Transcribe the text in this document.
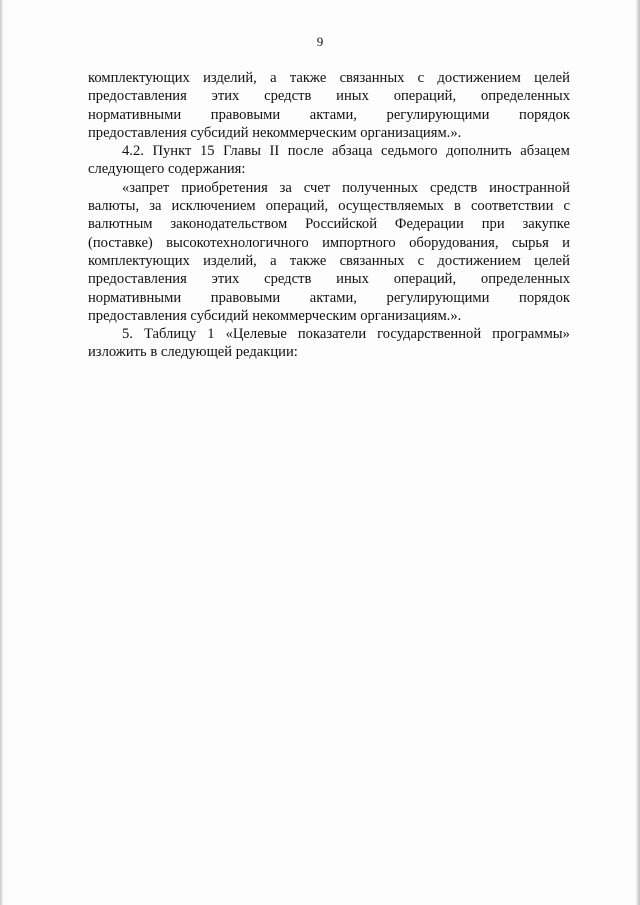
9
комплектующих изделий, а также связанных с достижением целей
предоставления этих средств иных операций, определенных
нормативными правовыми актами, регулирующими порядок
предоставления субсидий некоммерческим организациям.».
4.2. Пункт 15 Главы II после абзаца седьмого дополнить абзацем
следующего содержания:
«запрет приобретения за счет полученных средств иностранной
валюты, за исключением операций, осуществляемых в соответствии с
валютным законодательством Российской Федерации при закупке
(поставке) высокотехнологичного импортного оборудования, сырья и
комплектующих изделий, а также связанных с достижением целей
предоставления этих средств иных операций, определенных
нормативными правовыми актами, регулирующими порядок
предоставления субсидий некоммерческим организациям.».
5. Таблицу 1 «Целевые показатели государственной программы»
изложить в следующей редакции:
